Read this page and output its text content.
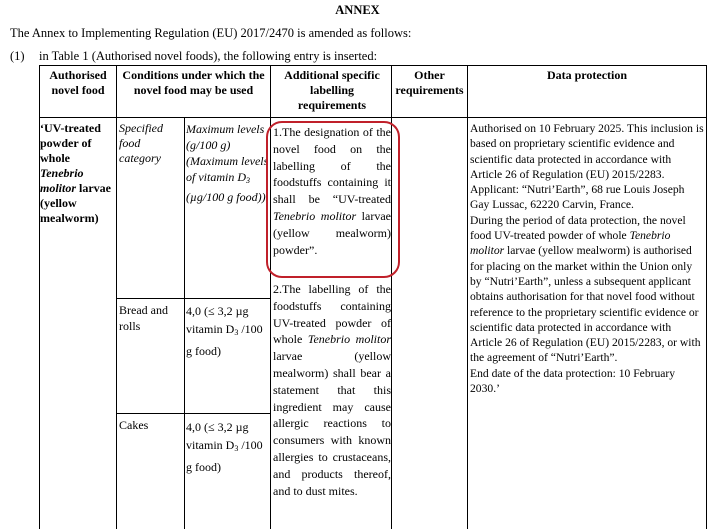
ANNEX
The Annex to Implementing Regulation (EU) 2017/2470 is amended as follows:
(1) in Table 1 (Authorised novel foods), the following entry is inserted:
Authorised novel food
Conditions under which the novel food may be used
Additional specific labelling requirements
Other requirements
Data protection
‘UV-treated powder of whole Tenebrio molitor larvae (yellow mealworm)
Specified food category
Maximum levels (g/100 g)
(Maximum levels of vitamin $D_3$
(µg/100 g food))
Bread and rolls
4,0 (≤ 3,2 µg vitamin $D_3$ /100 g food)
Cakes	4,0 (≤ 3,2 µg vitamin $D_3$ /100 g food)
1.The designation of the novel food on the labelling of the foodstuffs containing it shall be “UV-treated Tenebrio molitor larvae (yellow mealworm) powder”.
2.The labelling of the foodstuffs containing UV-treated powder of whole Tenebrio molitor larvae (yellow mealworm) shall bear a statement that this ingredient may cause allergic reactions to consumers with known allergies to crustaceans, and products thereof, and to dust mites.

Authorised on 10 February 2025. This inclusion is based on proprietary scientific evidence and scientific data protected in accordance with Article 26 of Regulation (EU) 2015/2283.

Applicant: “Nutri’Earth”, 68 rue Louis Joseph Gay Lussac, 62220 Carvin, France.

During the period of data protection, the novel food UV-treated powder of whole Tenebrio molitor larvae (yellow mealworm) is authorised for placing on the market within the Union only by “Nutri’Earth”, unless a subsequent applicant obtains authorisation for that novel food without reference to the proprietary scientific evidence or scientific data protected in accordance with Article 26 of Regulation (EU) 2015/2283, or with the agreement of “Nutri’Earth”.

End date of the data protection: 10 February 2030.’
